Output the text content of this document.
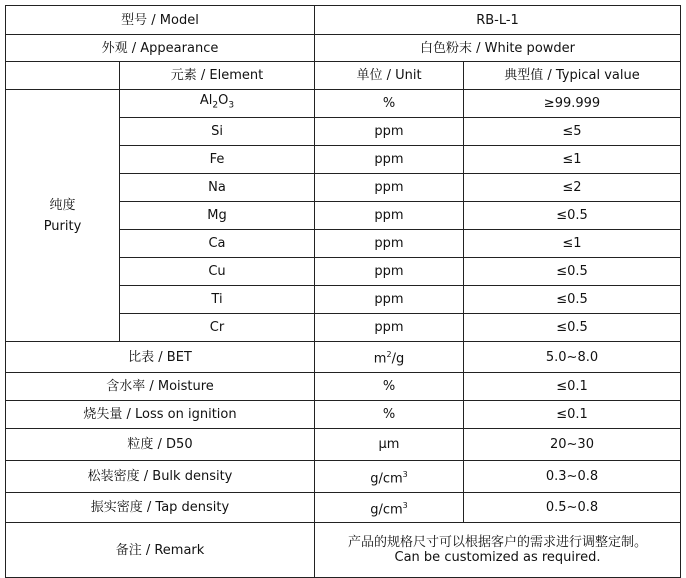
型号 / Model		RB-L-1	
外观 / Appearance		白色粉末 / White powder	
	元素 / Element	单位 / Unit	典型值 / Typical value

纯度
Purity	$Al_2O_3$	%	≥99.999
	Si	ppm	≤5
	Fe	ppm	≤1
	Na	ppm	≤2
	Mg	ppm	≤0.5
	Ca	ppm	≤1
	Cu	ppm	≤0.5
	Ti	ppm	≤0.5
	Cr	ppm	≤0.5
比表 / BET		$m^2/g$	5.0~8.0
含水率 / Moisture		%	≤0.1
烧失量 / Loss on ignition		%	≤0.1
粒度 / D50		μm	20~30
松装密度 / Bulk density		$g/cm^3$	0.3~0.8
振实密度 / Tap density		$g/cm^3$	0.5~0.8
备注 / Remark		产品的规格尺寸可以根据客户的需求进行调整定制。
Can be customized as required.	
